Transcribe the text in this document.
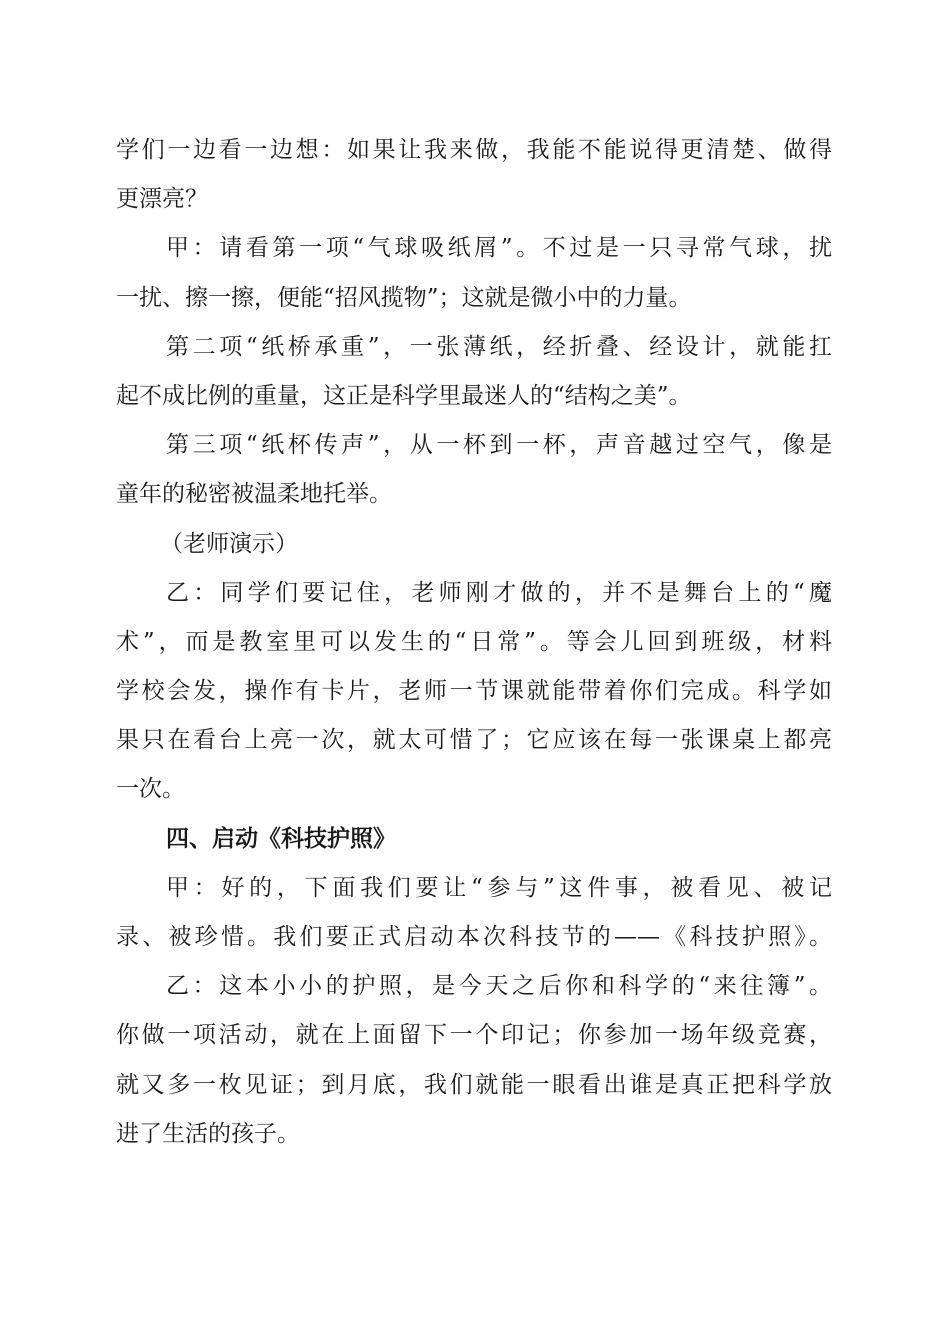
学们一边看一边想：如果让我来做，我能不能说得更清楚、做得
更漂亮？
甲：请看第一项“气球吸纸屑”。不过是一只寻常气球，扰
一扰、擦一擦，便能“招风揽物”；这就是微小中的力量。
第二项“纸桥承重”，一张薄纸，经折叠、经设计，就能扛
起不成比例的重量，这正是科学里最迷人的“结构之美”。
第三项“纸杯传声”，从一杯到一杯，声音越过空气，像是
童年的秘密被温柔地托举。
（老师演示）
乙：同学们要记住，老师刚才做的，并不是舞台上的“魔
术”，而是教室里可以发生的“日常”。等会儿回到班级，材料
学校会发，操作有卡片，老师一节课就能带着你们完成。科学如
果只在看台上亮一次，就太可惜了；它应该在每一张课桌上都亮
一次。
四、启动《科技护照》
甲：好的，下面我们要让“参与”这件事，被看见、被记
录、被珍惜。我们要正式启动本次科技节的——《科技护照》。
乙：这本小小的护照，是今天之后你和科学的“来往簿”。
你做一项活动，就在上面留下一个印记；你参加一场年级竞赛，
就又多一枚见证；到月底，我们就能一眼看出谁是真正把科学放
进了生活的孩子。
